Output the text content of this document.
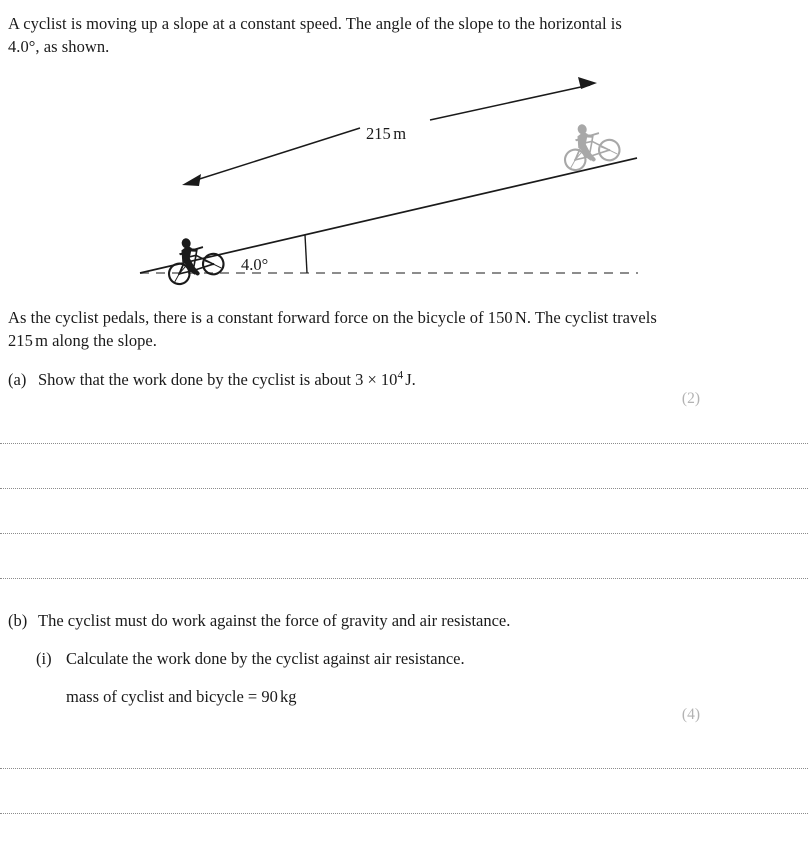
A cyclist is moving up a slope at a constant speed. The angle of the slope to the horizontal is 4.0°, as shown.
4.0°
215 m
As the cyclist pedals, there is a constant forward force on the bicycle of 150 N. The cyclist travels 215 m along the slope.
(a) Show that the work done by the cyclist is about $3 \times 10^4$ J.
(2)
(b) The cyclist must do work against the force of gravity and air resistance.
(i) Calculate the work done by the cyclist against air resistance.
mass of cyclist and bicycle = 90 kg
(4)
